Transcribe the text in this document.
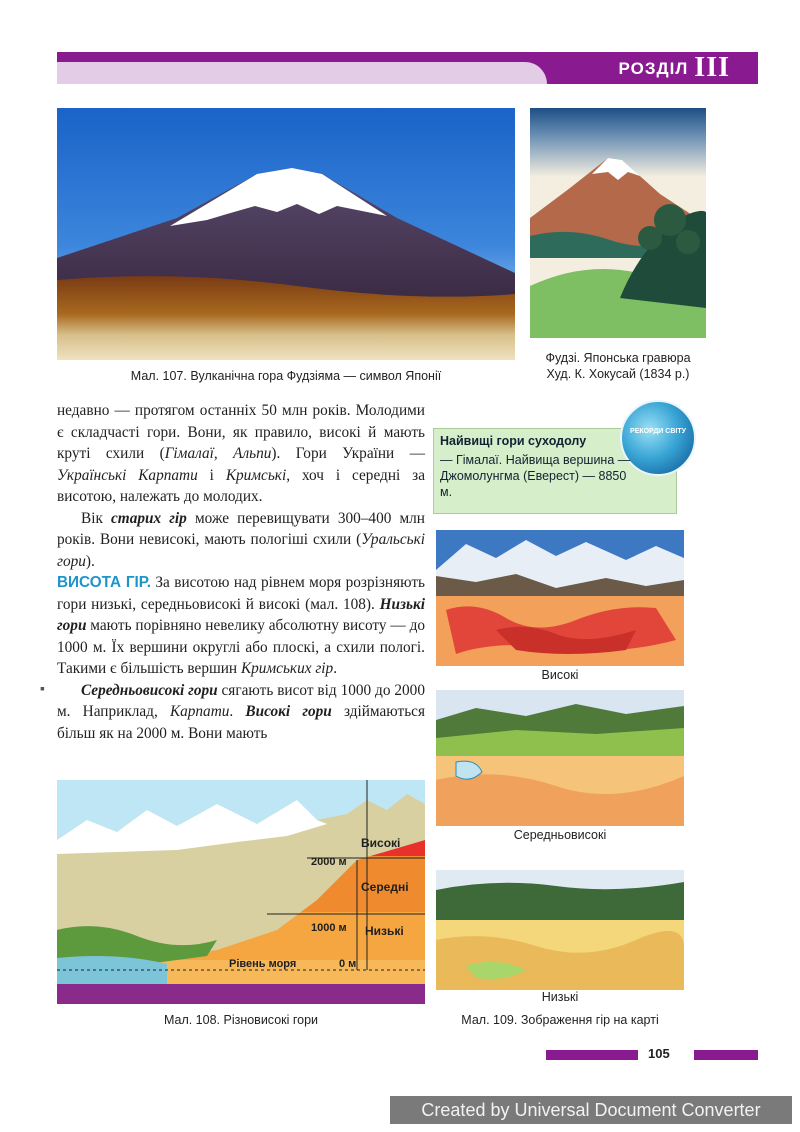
РОЗДІЛ III
Мал. 107. Вулканічна гора Фудзіяма — символ Японії
Фудзі. Японська гравюра
Худ. К. Хокусай (1834 р.)

недавно — протягом останніх 50 млн років. Молодими є складчасті гори. Вони, як правило, високі й мають круті схили (Гімалаї, Альпи). Гори України — Українські Карпати і Кримські, хоч і середні за висотою, належать до молодих.

Вік старих гір може перевищувати 300–400 млн років. Вони невисокі, мають пологіші схили (Уральські гори).

ВИСОТА ГІР. За висотою над рівнем моря розрізняють гори низькі, середньовисокі й високі (мал. 108). Низькі гори мають порівняно невелику абсолютну висоту — до 1000 м. Їх вершини округлі або плоскі, а схили пологі. Такими є більшість вершин Кримських гір.

Середньовисокі гори сягають висот від 1000 до 2000 м. Наприклад, Карпати. Високі гори здіймаються більш як на 2000 м. Вони мають

▪
РЕКОРДИ СВІТУ
Найвищі гори суходолу
— Гімалаї. Найвища вершина — Джомолунгма (Еверест) — 8850 м.
Високі
Середньовисокі
Низькі
Мал. 109. Зображення гір на карті
Високі
Середні
Низькі
2000 м
1000 м
0 м
Рівень моря
Мал. 108. Різновисокі гори
105
Created by Universal Document Converter
